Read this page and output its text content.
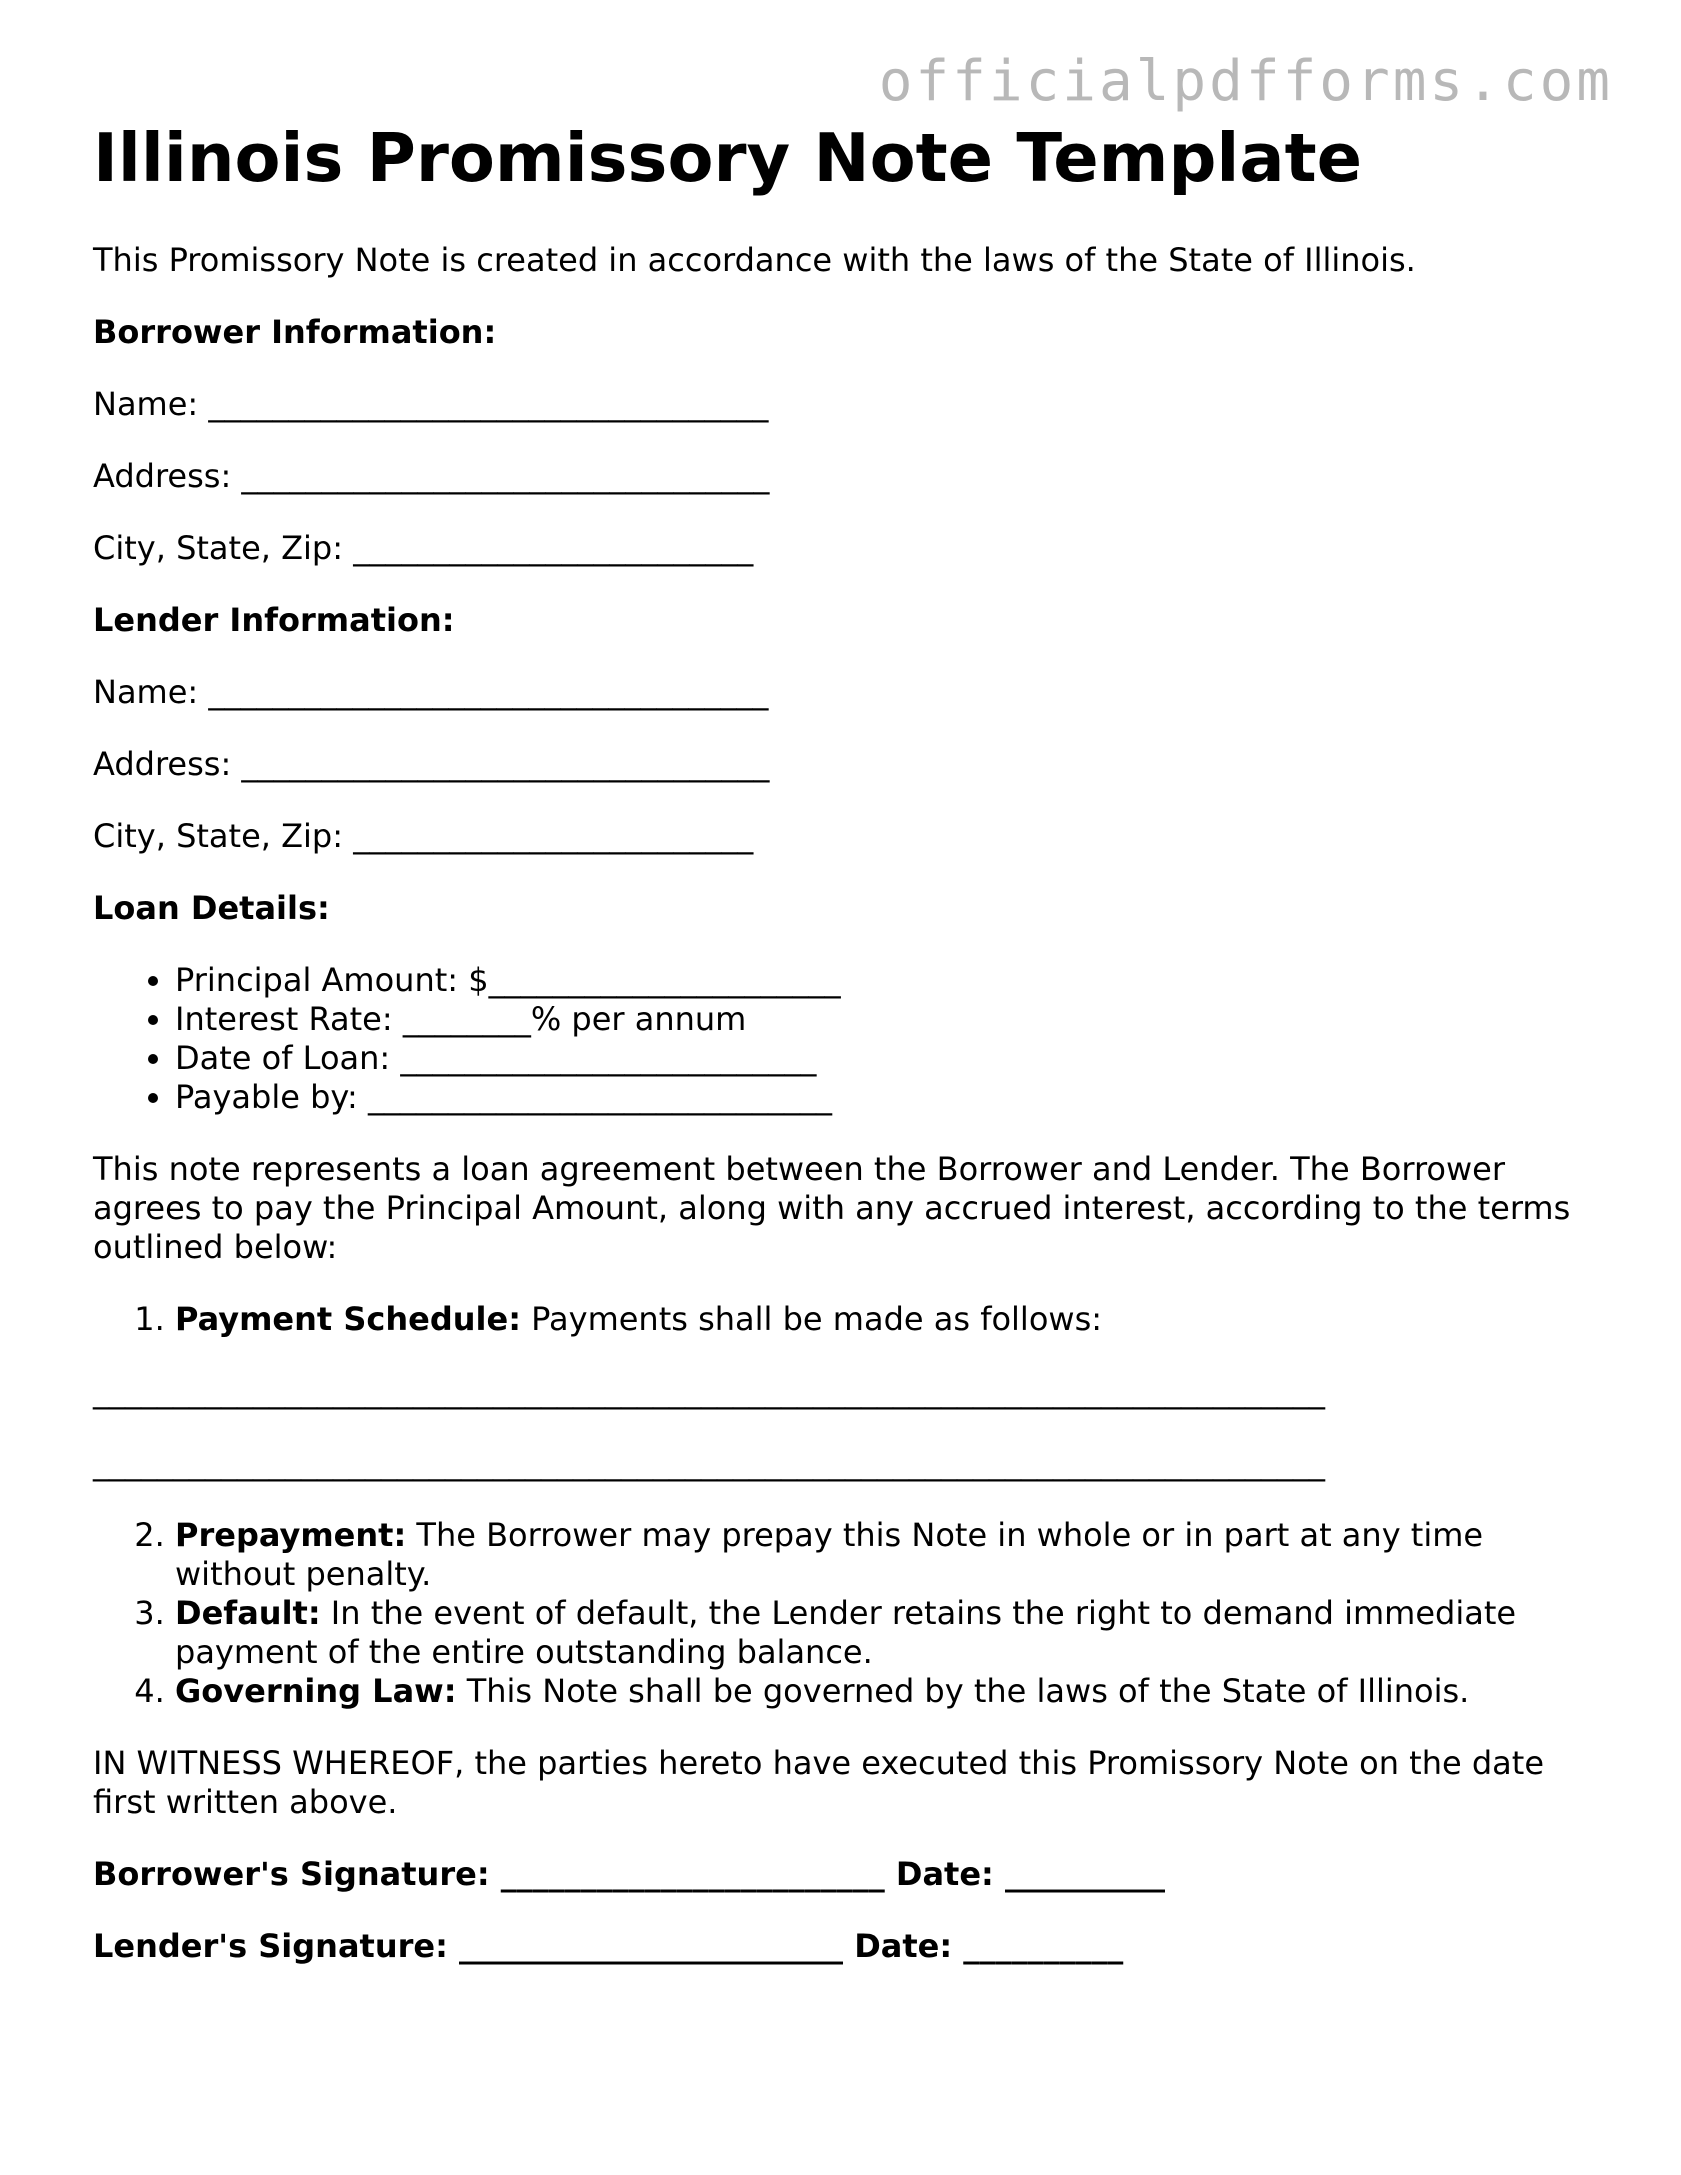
officialpdfforms.com
Illinois Promissory Note Template

This Promissory Note is created in accordance with the laws of the State of Illinois.

Borrower Information:

Name: ___________________________________

Address: _________________________________

City, State, Zip: _________________________

Lender Information:

Name: ___________________________________

Address: _________________________________

City, State, Zip: _________________________

Loan Details:

• Principal Amount: $______________________
• Interest Rate: ________% per annum
• Date of Loan: __________________________
• Payable by: _____________________________

This note represents a loan agreement between the Borrower and Lender. The Borrower agrees to pay the Principal Amount, along with any accrued interest, according to the terms outlined below:

1. Payment Schedule: Payments shall be made as follows:

_____________________________________________________________________________

_____________________________________________________________________________

2. Prepayment: The Borrower may prepay this Note in whole or in part at any time without penalty.
3. Default: In the event of default, the Lender retains the right to demand immediate payment of the entire outstanding balance.
4. Governing Law: This Note shall be governed by the laws of the State of Illinois.

IN WITNESS WHEREOF, the parties hereto have executed this Promissory Note on the date first written above.

Borrower's Signature: ________________________ Date: __________

Lender's Signature: ________________________ Date: __________
